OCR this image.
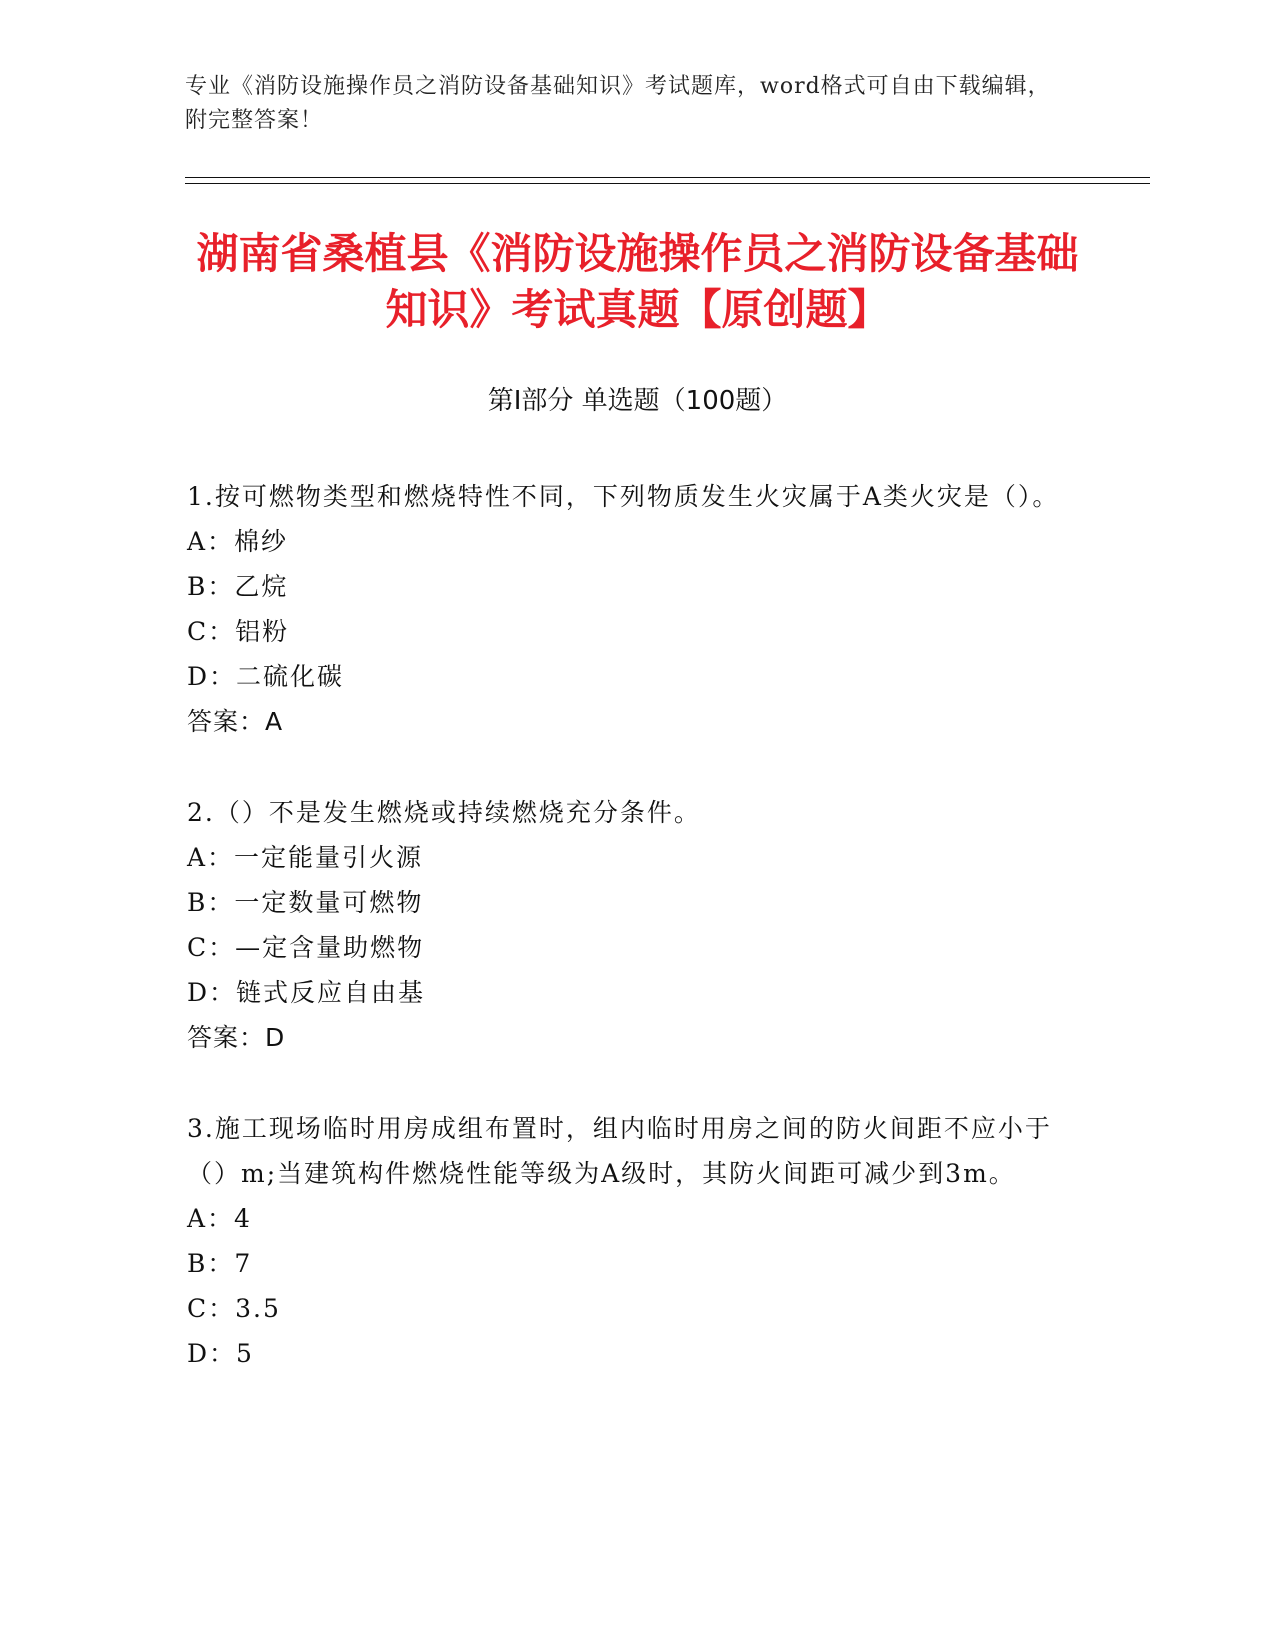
专业《消防设施操作员之消防设备基础知识》考试题库，word格式可自由下载编辑，附完整答案！
湖南省桑植县《消防设施操作员之消防设备基础知识》考试真题【原创题】
第Ⅰ部分 单选题（100题）
1.按可燃物类型和燃烧特性不同，下列物质发生火灾属于A类火灾是（）。
A：棉纱
B：乙烷
C：铝粉
D：二硫化碳
答案：A
2.（）不是发生燃烧或持续燃烧充分条件。
A：一定能量引火源
B：一定数量可燃物
C：—定含量助燃物
D：链式反应自由基
答案：D
3.施工现场临时用房成组布置时，组内临时用房之间的防火间距不应小于（）m;当建筑构件燃烧性能等级为A级时，其防火间距可减少到3m。
A：4
B：7
C：3.5
D：5
